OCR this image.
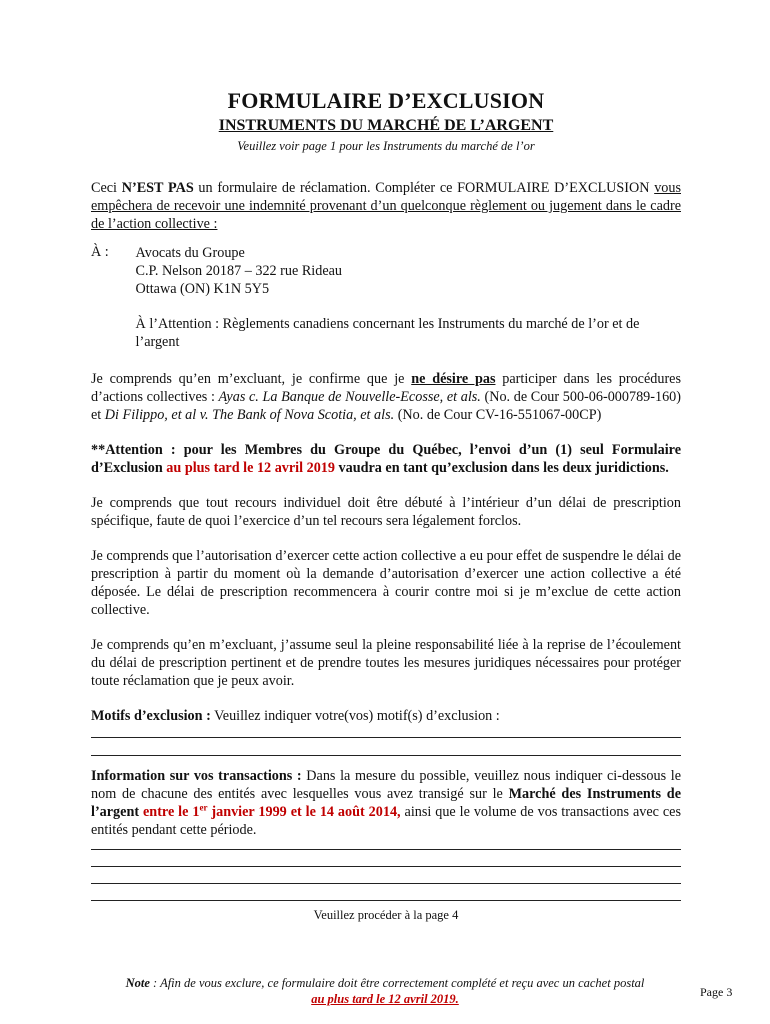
FORMULAIRE D’EXCLUSION

INSTRUMENTS DU MARCHÉ DE L’ARGENT

Veuillez voir page 1 pour les Instruments du marché de l’or

Ceci N’EST PAS un formulaire de réclamation. Compléter ce FORMULAIRE D’EXCLUSION vous empêchera de recevoir une indemnité provenant d’un quelconque règlement ou jugement dans le cadre de l’action collective :

À :	Avocats du Groupe

C.P. Nelson 20187 – 322 rue Rideau

Ottawa (ON) K1N 5Y5

À l’Attention : Règlements canadiens concernant les Instruments du marché de l’or et de l’argent

Je comprends qu’en m’excluant, je confirme que je ne désire pas participer dans les procédures d’actions collectives : Ayas c. La Banque de Nouvelle-Ecosse, et als. (No. de Cour 500-06-000789-160) et Di Filippo, et al v. The Bank of Nova Scotia, et als. (No. de Cour CV-16-551067-00CP)

**Attention : pour les Membres du Groupe du Québec, l’envoi d’un (1) seul Formulaire d’Exclusion au plus tard le 12 avril 2019 vaudra en tant qu’exclusion dans les deux juridictions.

Je comprends que tout recours individuel doit être débuté à l’intérieur d’un délai de prescription spécifique, faute de quoi l’exercice d’un tel recours sera légalement forclos.

Je comprends que l’autorisation d’exercer cette action collective a eu pour effet de suspendre le délai de prescription à partir du moment où la demande d’autorisation d’exercer une action collective a été déposée. Le délai de prescription recommencera à courir contre moi si je m’exclue de cette action collective.

Je comprends qu’en m’excluant, j’assume seul la pleine responsabilité liée à la reprise de l’écoulement du délai de prescription pertinent et de prendre toutes les mesures juridiques nécessaires pour protéger toute réclamation que je peux avoir.

Motifs d’exclusion : Veuillez indiquer votre(vos) motif(s) d’exclusion :

Information sur vos transactions : Dans la mesure du possible, veuillez nous indiquer ci-dessous le nom de chacune des entités avec lesquelles vous avez transigé sur le Marché des Instruments de l’argent entre le 1er janvier 1999 et le 14 août 2014, ainsi que le volume de vos transactions avec ces entités pendant cette période.

Veuillez procéder à la page 4

Note : Afin de vous exclure, ce formulaire doit être correctement complété et reçu avec un cachet postal
au plus tard le 12 avril 2019.	Page 3
